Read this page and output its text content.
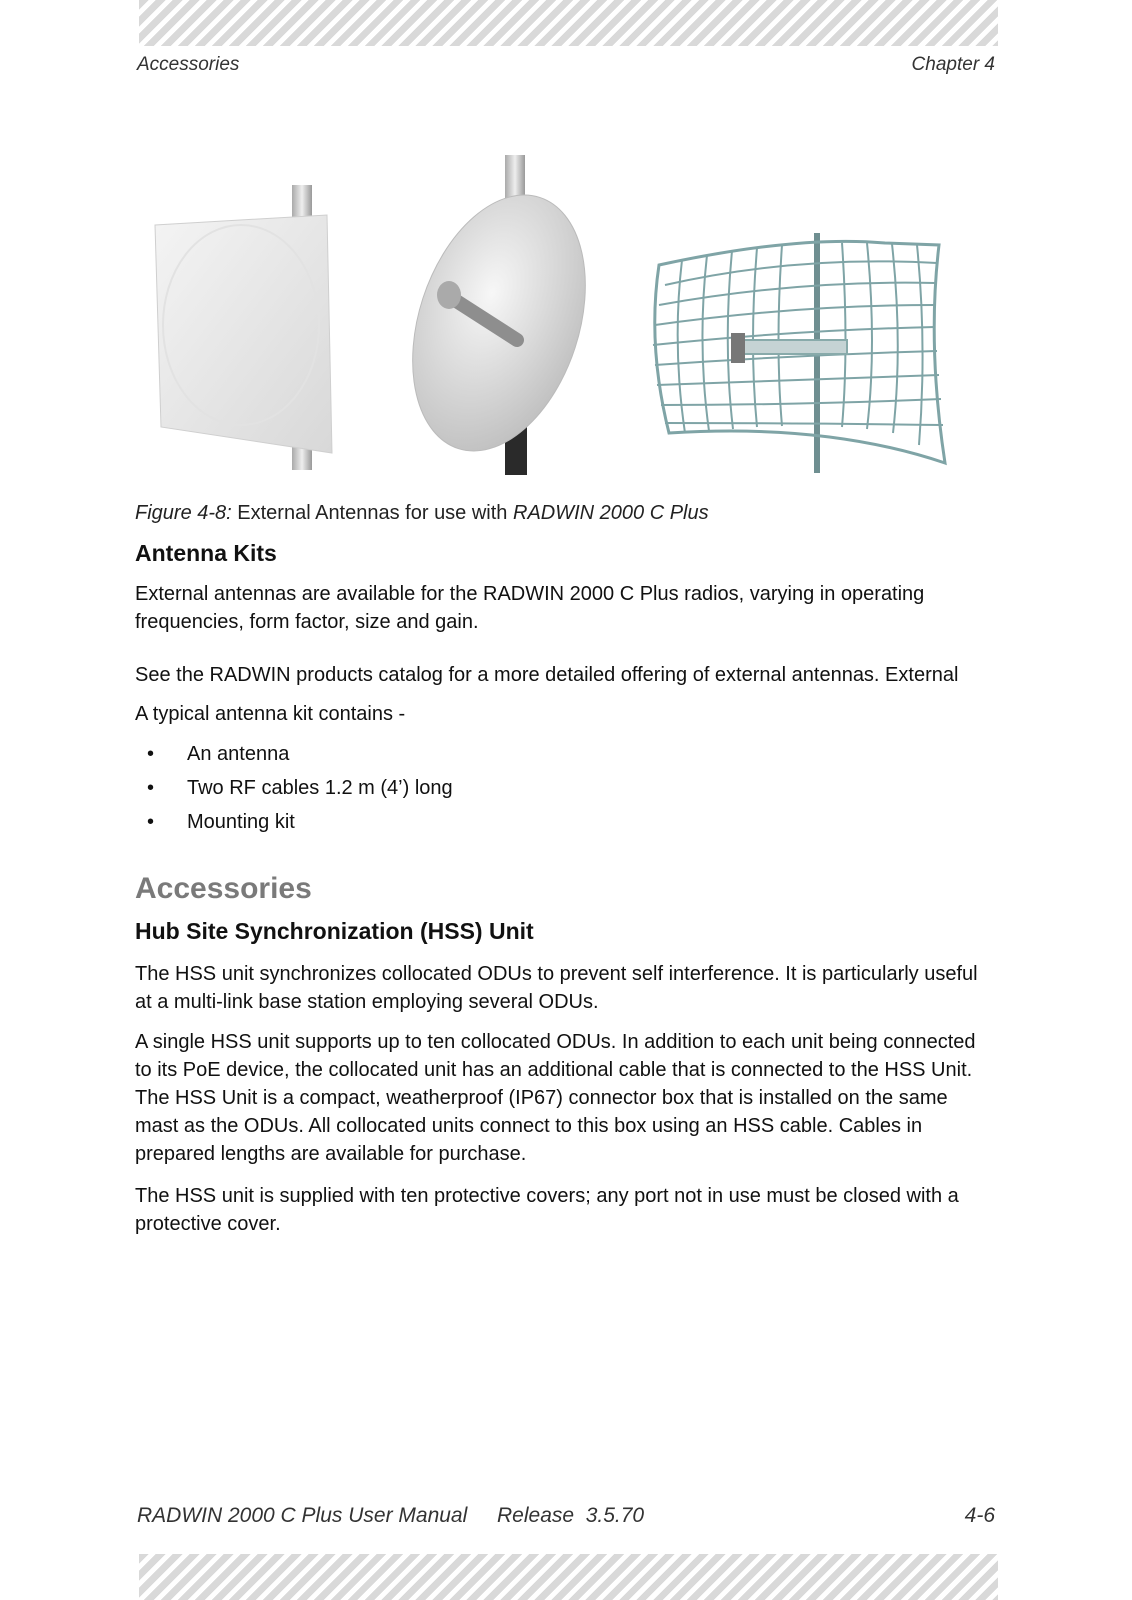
Accessories	Chapter 4
Figure 4-8: External Antennas for use with RADWIN 2000 C Plus
Antenna Kits

External antennas are available for the RADWIN 2000 C Plus radios, varying in operating frequencies, form factor, size and gain.

See the RADWIN products catalog for a more detailed offering of external antennas. External

A typical antenna kit contains -

• An antenna
• Two RF cables 1.2 m (4’) long
• Mounting kit
Accessories
Hub Site Synchronization (HSS) Unit

The HSS unit synchronizes collocated ODUs to prevent self interference. It is particularly useful at a multi-link base station employing several ODUs.

A single HSS unit supports up to ten collocated ODUs. In addition to each unit being connected to its PoE device, the collocated unit has an additional cable that is connected to the HSS Unit. The HSS Unit is a compact, weatherproof (IP67) connector box that is installed on the same mast as the ODUs. All collocated units connect to this box using an HSS cable. Cables in prepared lengths are available for purchase.

The HSS unit is supplied with ten protective covers; any port not in use must be closed with a protective cover.

RADWIN 2000 C Plus User Manual Release  3.5.70	4-6
